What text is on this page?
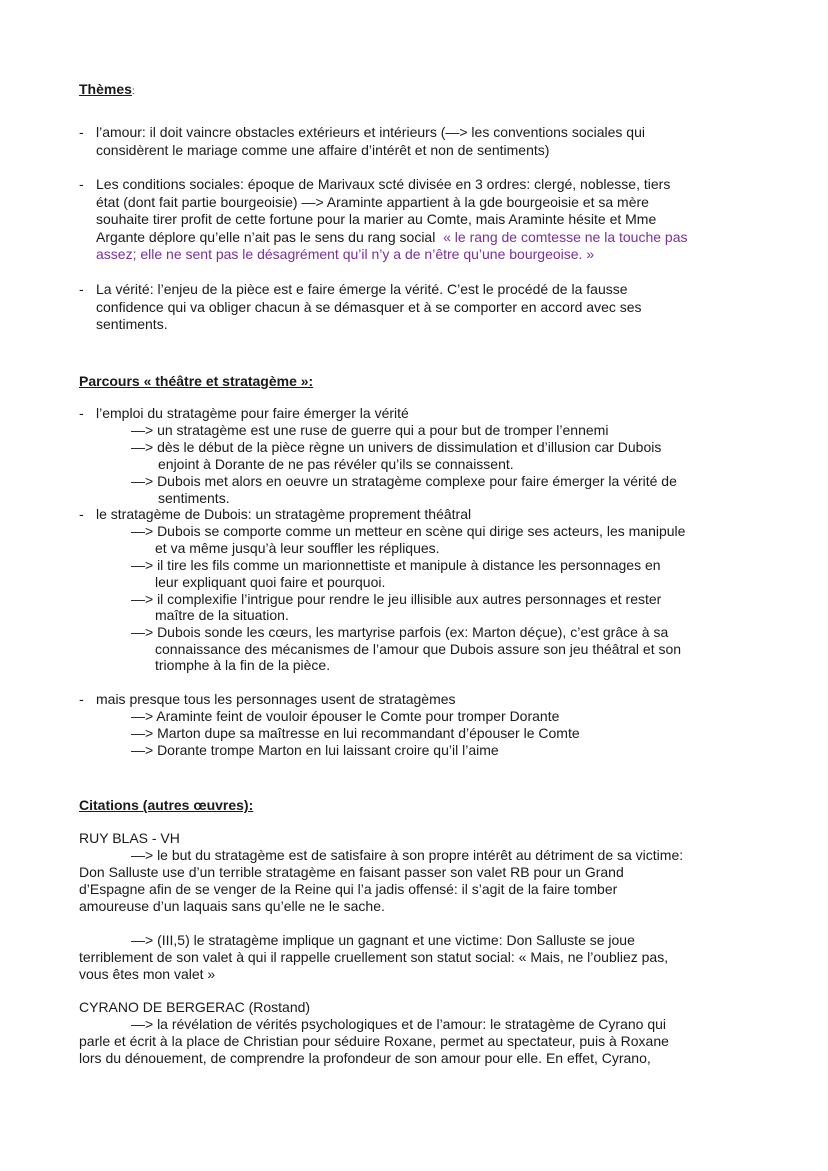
Thèmes:
- l’amour: il doit vaincre obstacles extérieurs et intérieurs (—> les conventions sociales qui
considèrent le mariage comme une affaire d’intérêt et non de sentiments)
- Les conditions sociales: époque de Marivaux scté divisée en 3 ordres: clergé, noblesse, tiers
état (dont fait partie bourgeoisie) —> Araminte appartient à la gde bourgeoisie et sa mère
souhaite tirer profit de cette fortune pour la marier au Comte, mais Araminte hésite et Mme
Argante déplore qu’elle n’ait pas le sens du rang social « le rang de comtesse ne la touche pas
assez; elle ne sent pas le désagrément qu’il n’y a de n’être qu’une bourgeoise. »
- La vérité: l’enjeu de la pièce est e faire émerge la vérité. C’est le procédé de la fausse
confidence qui va obliger chacun à se démasquer et à se comporter en accord avec ses
sentiments.
Parcours « théâtre et stratagème »:
- l’emploi du stratagème pour faire émerger la vérité
—> un stratagème est une ruse de guerre qui a pour but de tromper l’ennemi
—> dès le début de la pièce règne un univers de dissimulation et d’illusion car Dubois
enjoint à Dorante de ne pas révéler qu’ils se connaissent.
—> Dubois met alors en oeuvre un stratagème complexe pour faire émerger la vérité de
sentiments.
- le stratagème de Dubois: un stratagème proprement théâtral
—> Dubois se comporte comme un metteur en scène qui dirige ses acteurs, les manipule
et va même jusqu’à leur souffler les répliques.
—> il tire les fils comme un marionnettiste et manipule à distance les personnages en
leur expliquant quoi faire et pourquoi.
—> il complexifie l’intrigue pour rendre le jeu illisible aux autres personnages et rester
maître de la situation.
—> Dubois sonde les cœurs, les martyrise parfois (ex: Marton déçue), c’est grâce à sa
connaissance des mécanismes de l’amour que Dubois assure son jeu théâtral et son
triomphe à la fin de la pièce.
- mais presque tous les personnages usent de stratagèmes
—> Araminte feint de vouloir épouser le Comte pour tromper Dorante
—> Marton dupe sa maîtresse en lui recommandant d’épouser le Comte
—> Dorante trompe Marton en lui laissant croire qu’il l’aime
Citations (autres œuvres):
RUY BLAS - VH
—> le but du stratagème est de satisfaire à son propre intérêt au détriment de sa victime:
Don Salluste use d’un terrible stratagème en faisant passer son valet RB pour un Grand
d’Espagne afin de se venger de la Reine qui l’a jadis offensé: il s’agit de la faire tomber
amoureuse d’un laquais sans qu’elle ne le sache.
—> (III,5) le stratagème implique un gagnant et une victime: Don Salluste se joue
terriblement de son valet à qui il rappelle cruellement son statut social: « Mais, ne l’oubliez pas,
vous êtes mon valet »
CYRANO DE BERGERAC (Rostand)
—> la révélation de vérités psychologiques et de l’amour: le stratagème de Cyrano qui
parle et écrit à la place de Christian pour séduire Roxane, permet au spectateur, puis à Roxane
lors du dénouement, de comprendre la profondeur de son amour pour elle. En effet, Cyrano,
